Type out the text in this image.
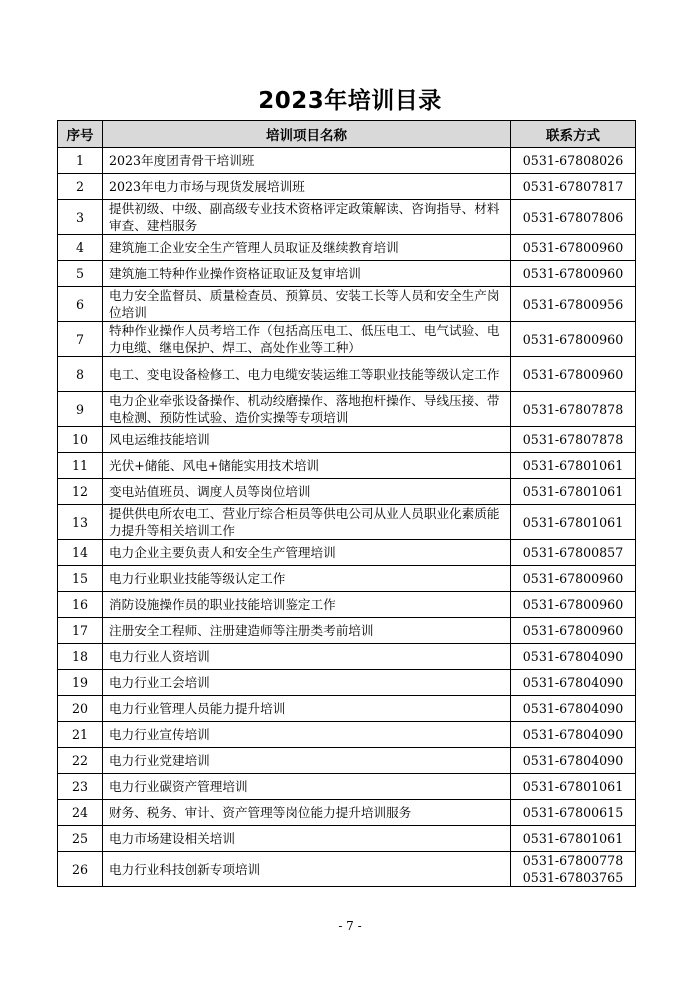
2023年培训目录
序号	培训项目名称	联系方式
1	2023年度团青骨干培训班	0531-67808026
2	2023年电力市场与现货发展培训班	0531-67807817
3	提供初级、中级、副高级专业技术资格评定政策解读、咨询指导、材料审查、建档服务	0531-67807806
4	建筑施工企业安全生产管理人员取证及继续教育培训	0531-67800960
5	建筑施工特种作业操作资格证取证及复审培训	0531-67800960
6	电力安全监督员、质量检查员、预算员、安装工长等人员和安全生产岗位培训	0531-67800956
7	特种作业操作人员考培工作（包括高压电工、低压电工、电气试验、电力电缆、继电保护、焊工、高处作业等工种）	0531-67800960
8	电工、变电设备检修工、电力电缆安装运维工等职业技能等级认定工作	0531-67800960
9	电力企业牵张设备操作、机动绞磨操作、落地抱杆操作、导线压接、带电检测、预防性试验、造价实操等专项培训	0531-67807878
10	风电运维技能培训	0531-67807878
11	光伏+储能、风电+储能实用技术培训	0531-67801061
12	变电站值班员、调度人员等岗位培训	0531-67801061
13	提供供电所农电工、营业厅综合柜员等供电公司从业人员职业化素质能力提升等相关培训工作	0531-67801061
14	电力企业主要负责人和安全生产管理培训	0531-67800857
15	电力行业职业技能等级认定工作	0531-67800960
16	消防设施操作员的职业技能培训鉴定工作	0531-67800960
17	注册安全工程师、注册建造师等注册类考前培训	0531-67800960
18	电力行业人资培训	0531-67804090
19	电力行业工会培训	0531-67804090
20	电力行业管理人员能力提升培训	0531-67804090
21	电力行业宣传培训	0531-67804090
22	电力行业党建培训	0531-67804090
23	电力行业碳资产管理培训	0531-67801061
24	财务、税务、审计、资产管理等岗位能力提升培训服务	0531-67800615
25	电力市场建设相关培训	0531-67801061
26	电力行业科技创新专项培训	0531-67800778
0531-67803765
- 7 -
